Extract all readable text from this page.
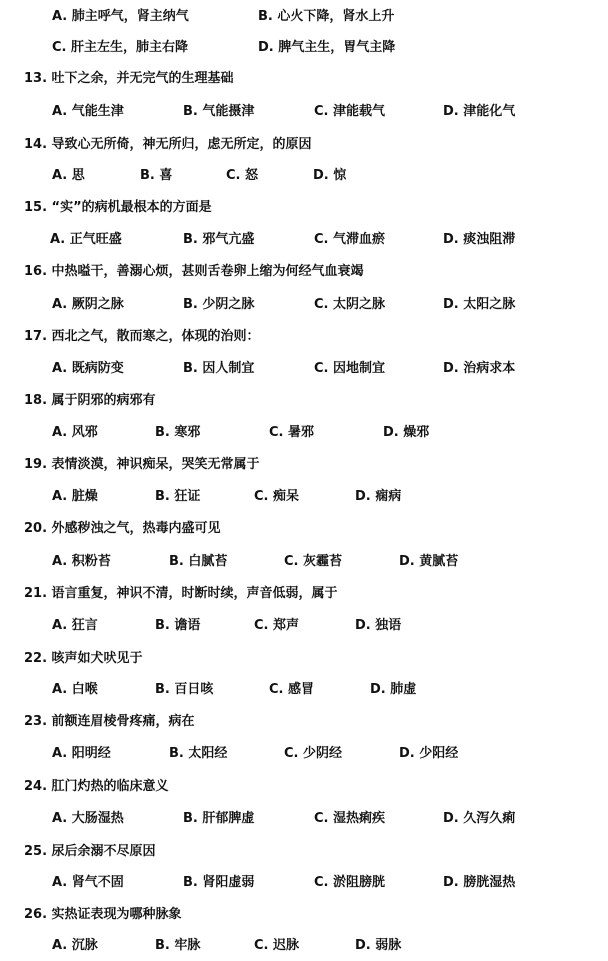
A. 肺主呼气，肾主纳气	B. 心火下降，肾水上升
C. 肝主左生，肺主右降	D. 脾气主生，胃气主降
13. 吐下之余，并无完气的生理基础
A. 气能生津	B. 气能摄津	C. 津能载气	D. 津能化气
14. 导致心无所倚，神无所归，虑无所定，的原因
A. 思	B. 喜	C. 怒	D. 惊
15. “实”的病机最根本的方面是
A. 正气旺盛	B. 邪气亢盛	C. 气滞血瘀	D. 痰浊阻滞
16. 中热嗌干，善溺心烦，甚则舌卷卵上缩为何经气血衰竭
A. 厥阴之脉	B. 少阴之脉	C. 太阴之脉	D. 太阳之脉
17. 西北之气，散而寒之，体现的治则：
A. 既病防变	B. 因人制宜	C. 因地制宜	D. 治病求本
18. 属于阴邪的病邪有
A. 风邪	B. 寒邪	C. 暑邪	D. 燥邪
19. 表情淡漠，神识痴呆，哭笑无常属于
A. 脏燥	B. 狂证	C. 痴呆	D. 痫病
20. 外感秽浊之气，热毒内盛可见
A. 积粉苔	B. 白腻苔	C. 灰霾苔	D. 黄腻苔
21. 语言重复，神识不清，时断时续，声音低弱，属于
A. 狂言	B. 谵语	C. 郑声	D. 独语
22. 咳声如犬吠见于
A. 白喉	B. 百日咳	C. 感冒	D. 肺虚
23. 前额连眉棱骨疼痛，病在
A. 阳明经	B. 太阳经	C. 少阴经	D. 少阳经
24. 肛门灼热的临床意义
A. 大肠湿热	B. 肝郁脾虚	C. 湿热痢疾	D. 久泻久痢
25. 尿后余溺不尽原因
A. 肾气不固	B. 肾阳虚弱	C. 淤阻膀胱	D. 膀胱湿热
26. 实热证表现为哪种脉象
A. 沉脉	B. 牢脉	C. 迟脉	D. 弱脉
